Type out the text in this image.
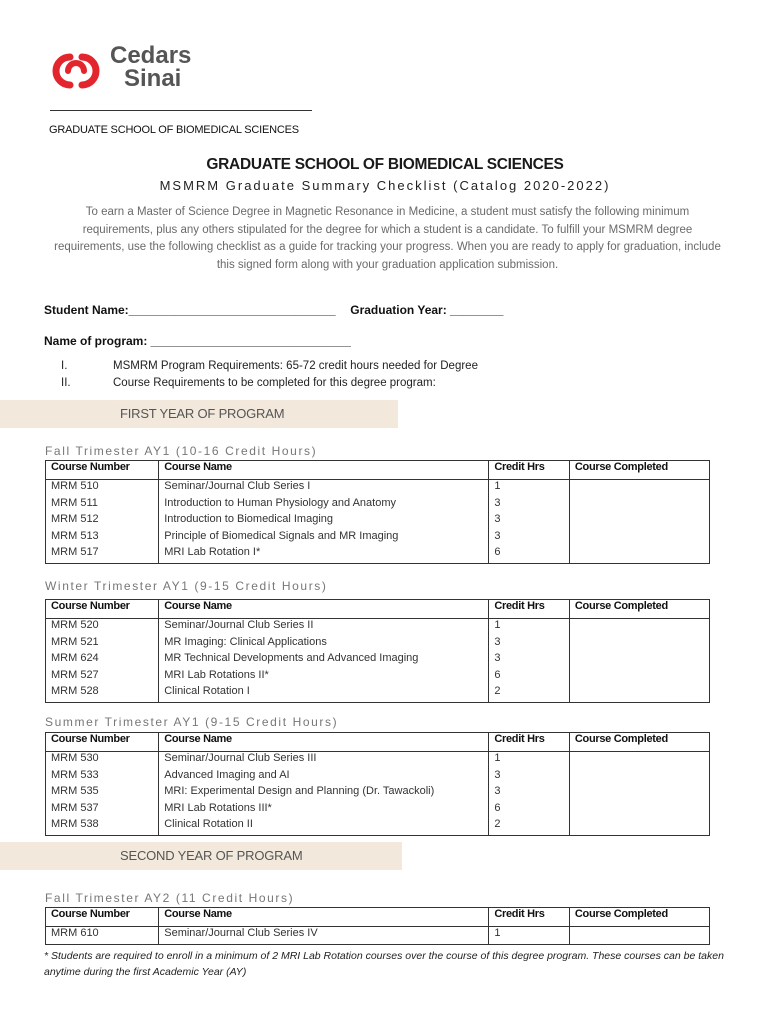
Cedars
Sinai
GRADUATE SCHOOL OF BIOMEDICAL SCIENCES
GRADUATE SCHOOL OF BIOMEDICAL SCIENCES
MSMRM Graduate Summary Checklist (Catalog 2020-2022)
To earn a Master of Science Degree in Magnetic Resonance in Medicine, a student must satisfy the following minimum requirements, plus any others stipulated for the degree for which a student is a candidate. To fulfill your MSMRM degree requirements, use the following checklist as a guide for tracking your progress. When you are ready to apply for graduation, include this signed form along with your graduation application submission.
Student Name:_______________________________ Graduation Year: ________
Name of program: ______________________________
I.	MSMRM Program Requirements: 65-72 credit hours needed for Degree
II.	Course Requirements to be completed for this degree program:
FIRST YEAR OF PROGRAM
Fall Trimester AY1 (10-16 Credit Hours)
Course Number	Course Name	Credit Hrs	Course Completed
MRM 510	Seminar/Journal Club Series I	1	
MRM 511	Introduction to Human Physiology and Anatomy	3	
MRM 512	Introduction to Biomedical Imaging	3	
MRM 513	Principle of Biomedical Signals and MR Imaging	3	
MRM 517	MRI Lab Rotation I*	6	
Winter Trimester AY1 (9-15 Credit Hours)
Course Number	Course Name	Credit Hrs	Course Completed
MRM 520	Seminar/Journal Club Series II	1	
MRM 521	MR Imaging: Clinical Applications	3	
MRM 624	MR Technical Developments and Advanced Imaging	3	
MRM 527	MRI Lab Rotations II*	6	
MRM 528	Clinical Rotation I	2	
Summer Trimester AY1 (9-15 Credit Hours)
Course Number	Course Name	Credit Hrs	Course Completed
MRM 530	Seminar/Journal Club Series III	1	
MRM 533	Advanced Imaging and AI	3	
MRM 535	MRI: Experimental Design and Planning (Dr. Tawackoli)	3	
MRM 537	MRI Lab Rotations III*	6	
MRM 538	Clinical Rotation II	2	
SECOND YEAR OF PROGRAM
Fall Trimester AY2 (11 Credit Hours)
Course Number	Course Name	Credit Hrs	Course Completed
MRM 610	Seminar/Journal Club Series IV	1	
* Students are required to enroll in a minimum of 2 MRI Lab Rotation courses over the course of this degree program. These courses can be taken anytime during the first Academic Year (AY)
